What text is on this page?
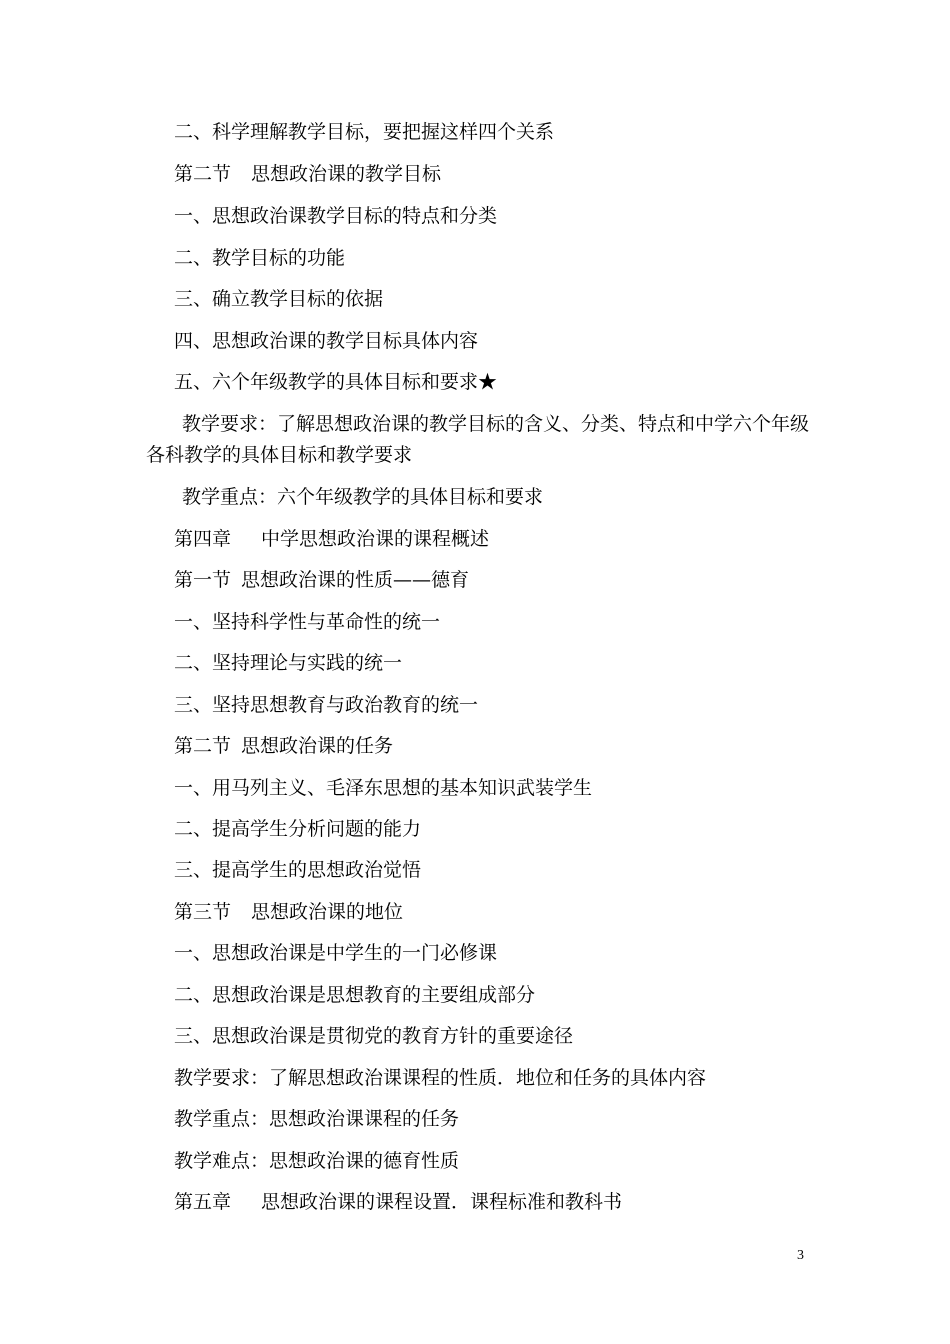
二、科学理解教学目标，要把握这样四个关系
第二节 思想政治课的教学目标
一、思想政治课教学目标的特点和分类
二、教学目标的功能
三、确立教学目标的依据
四、思想政治课的教学目标具体内容
五、六个年级教学的具体目标和要求★
教学要求：了解思想政治课的教学目标的含义、分类、特点和中学六个年级
各科教学的具体目标和教学要求
教学重点：六个年级教学的具体目标和要求
第四章 中学思想政治课的课程概述
第一节 思想政治课的性质——德育
一、坚持科学性与革命性的统一
二、坚持理论与实践的统一
三、坚持思想教育与政治教育的统一
第二节 思想政治课的任务
一、用马列主义、毛泽东思想的基本知识武装学生
二、提高学生分析问题的能力
三、提高学生的思想政治觉悟
第三节 思想政治课的地位
一、思想政治课是中学生的一门必修课
二、思想政治课是思想教育的主要组成部分
三、思想政治课是贯彻党的教育方针的重要途径
教学要求：了解思想政治课课程的性质．地位和任务的具体内容
教学重点：思想政治课课程的任务
教学难点：思想政治课的德育性质
第五章 思想政治课的课程设置．课程标准和教科书
3
